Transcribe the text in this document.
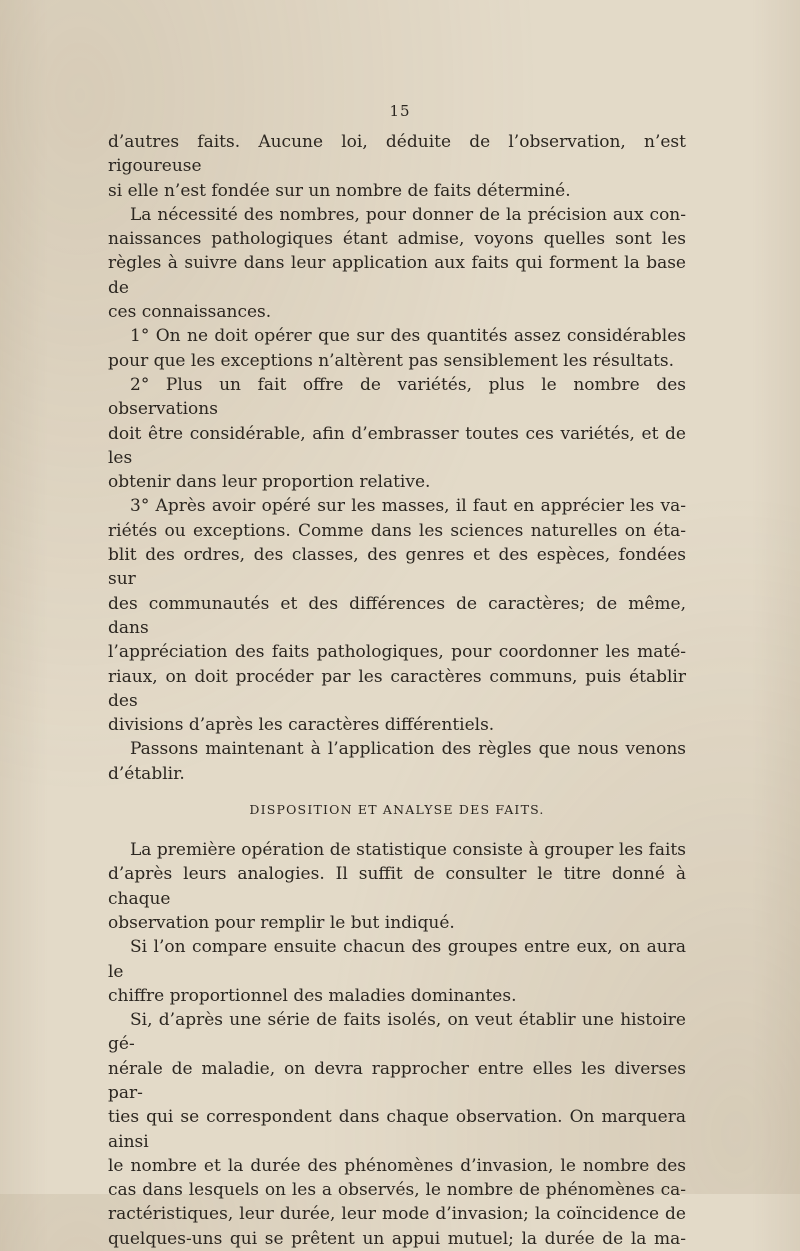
15

d’autres faits. Aucune loi, déduite de l’observation, n’est rigoureuse

si elle n’est fondée sur un nombre de faits déterminé.

La nécessité des nombres, pour donner de la précision aux con-

naissances pathologiques étant admise, voyons quelles sont les

règles à suivre dans leur application aux faits qui forment la base de

ces connaissances.

1° On ne doit opérer que sur des quantités assez considérables

pour que les exceptions n’altèrent pas sensiblement les résultats.

2° Plus un fait offre de variétés, plus le nombre des observations

doit être considérable, afin d’embrasser toutes ces variétés, et de les

obtenir dans leur proportion relative.

3° Après avoir opéré sur les masses, il faut en apprécier les va-

riétés ou exceptions. Comme dans les sciences naturelles on éta-

blit des ordres, des classes, des genres et des espèces, fondées sur

des communautés et des différences de caractères; de même, dans

l’appréciation des faits pathologiques, pour coordonner les maté-

riaux, on doit procéder par les caractères communs, puis établir des

divisions d’après les caractères différentiels.

Passons maintenant à l’application des règles que nous venons

d’établir.

DISPOSITION ET ANALYSE DES FAITS.

La première opération de statistique consiste à grouper les faits

d’après leurs analogies. Il suffit de consulter le titre donné à chaque

observation pour remplir le but indiqué.

Si l’on compare ensuite chacun des groupes entre eux, on aura le

chiffre proportionnel des maladies dominantes.

Si, d’après une série de faits isolés, on veut établir une histoire gé-

nérale de maladie, on devra rapprocher entre elles les diverses par-

ties qui se correspondent dans chaque observation. On marquera ainsi

le nombre et la durée des phénomènes d’invasion, le nombre des

cas dans lesquels on les a observés, le nombre de phénomènes ca-

ractéristiques, leur durée, leur mode d’invasion; la coïncidence de

quelques-uns qui se prêtent un appui mutuel; la durée de la ma-
